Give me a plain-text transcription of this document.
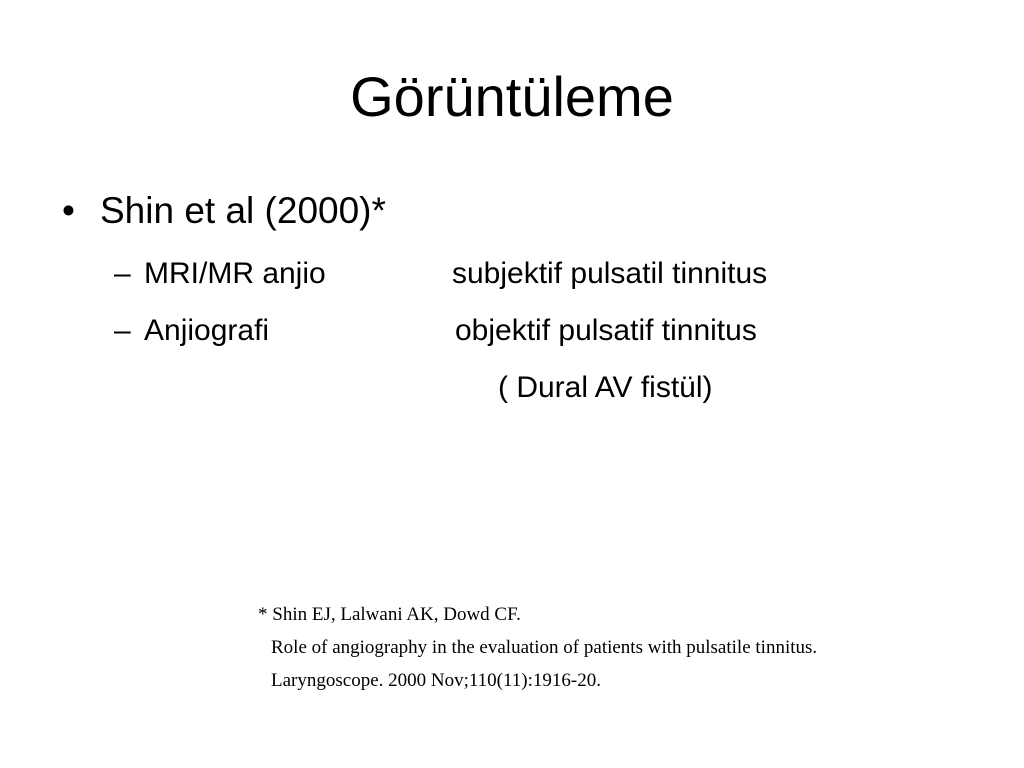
Görüntüleme
• Shin et al (2000)*
– MRI/MR anjio	subjektif pulsatil tinnitus
– Anjiografi	objektif pulsatif tinnitus
( Dural AV fistül)
* Shin EJ, Lalwani AK, Dowd CF.
Role of angiography in the evaluation of patients with pulsatile tinnitus.
Laryngoscope. 2000 Nov;110(11):1916-20.
